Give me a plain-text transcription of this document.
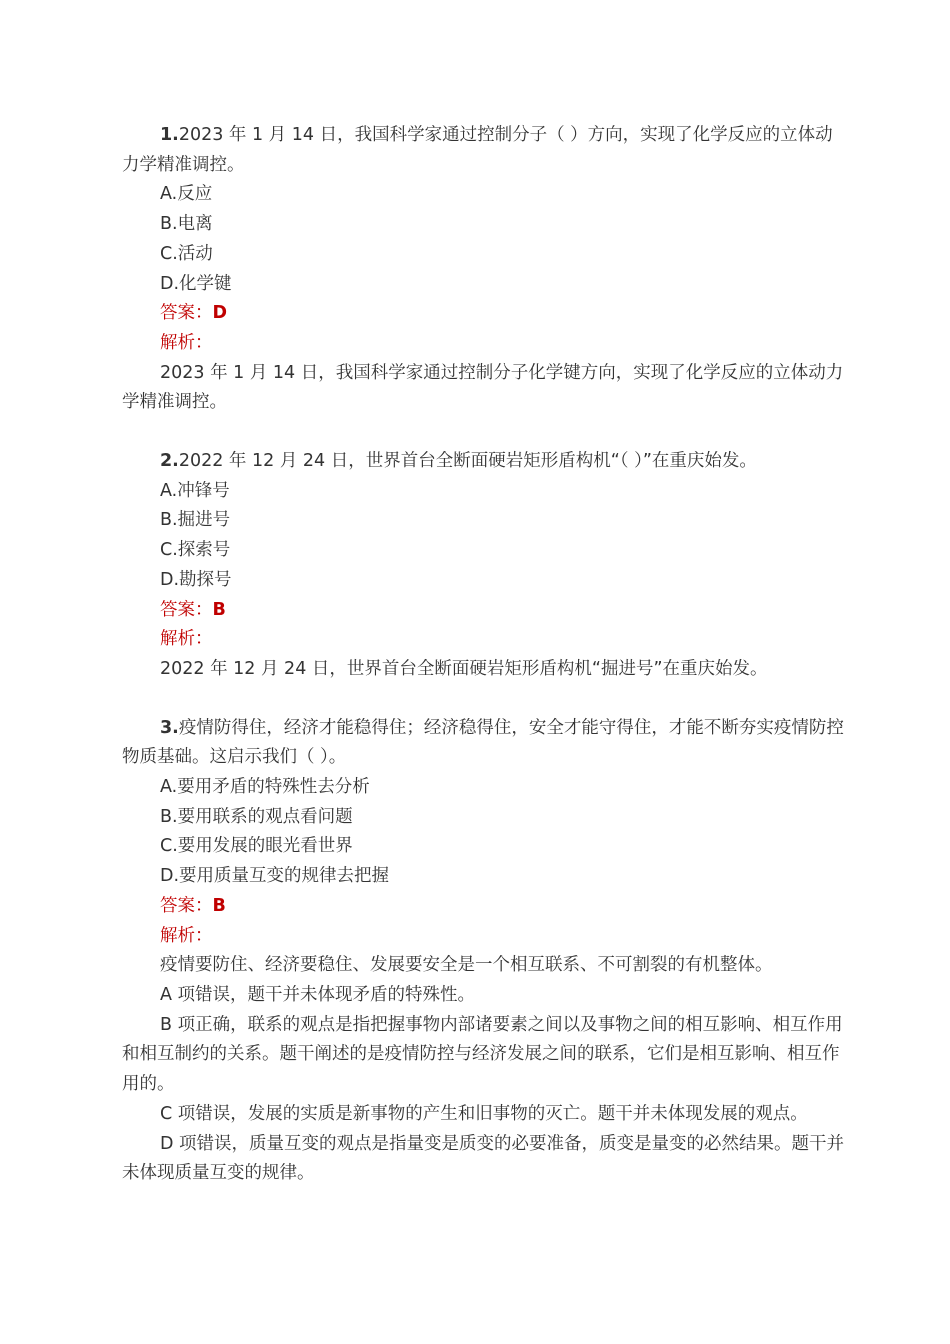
1.2023 年 1 月 14 日，我国科学家通过控制分子（ ）方向，实现了化学反应的立体动力学精准调控。

A.反应

B.电离

C.活动

D.化学键

答案：D

解析：

2023 年 1 月 14 日，我国科学家通过控制分子化学键方向，实现了化学反应的立体动力学精准调控。

2.2022 年 12 月 24 日，世界首台全断面硬岩矩形盾构机“（ ）”在重庆始发。

A.冲锋号

B.掘进号

C.探索号

D.勘探号

答案：B

解析：

2022 年 12 月 24 日，世界首台全断面硬岩矩形盾构机“掘进号”在重庆始发。

3.疫情防得住，经济才能稳得住；经济稳得住，安全才能守得住，才能不断夯实疫情防控物质基础。这启示我们（ ）。

A.要用矛盾的特殊性去分析

B.要用联系的观点看问题

C.要用发展的眼光看世界

D.要用质量互变的规律去把握

答案：B

解析：

疫情要防住、经济要稳住、发展要安全是一个相互联系、不可割裂的有机整体。

A 项错误，题干并未体现矛盾的特殊性。

B 项正确，联系的观点是指把握事物内部诸要素之间以及事物之间的相互影响、相互作用和相互制约的关系。题干阐述的是疫情防控与经济发展之间的联系，它们是相互影响、相互作用的。

C 项错误，发展的实质是新事物的产生和旧事物的灭亡。题干并未体现发展的观点。

D 项错误，质量互变的观点是指量变是质变的必要准备，质变是量变的必然结果。题干并未体现质量互变的规律。
